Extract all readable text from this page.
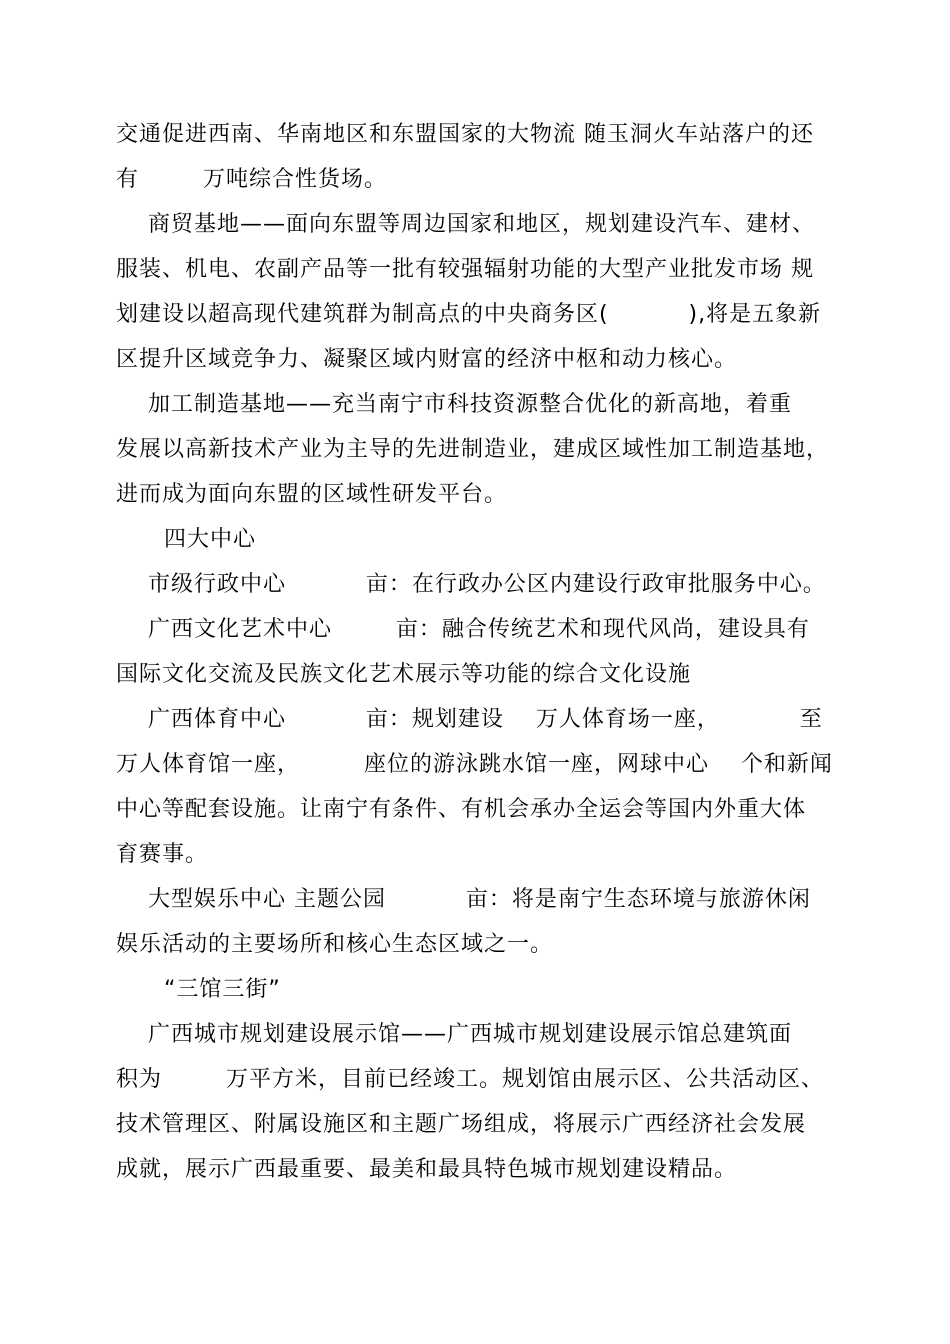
交通促进西南、华南地区和东盟国家的大物流 随玉洞火车站落户的还
有        万吨综合性货场。
商贸基地——面向东盟等周边国家和地区，规划建设汽车、建材、
服装、机电、农副产品等一批有较强辐射功能的大型产业批发市场 规
划建设以超高现代建筑群为制高点的中央商务区(          ),将是五象新
区提升区域竞争力、凝聚区域内财富的经济中枢和动力核心。
加工制造基地——充当南宁市科技资源整合优化的新高地，着重
发展以高新技术产业为主导的先进制造业，建成区域性加工制造基地，
进而成为面向东盟的区域性研发平台。
四大中心
市级行政中心          亩：在行政办公区内建设行政审批服务中心。
广西文化艺术中心        亩：融合传统艺术和现代风尚，建设具有
国际文化交流及民族文化艺术展示等功能的综合文化设施
广西体育中心          亩：规划建设    万人体育场一座，          至
万人体育馆一座，        座位的游泳跳水馆一座，网球中心    个和新闻
中心等配套设施。让南宁有条件、有机会承办全运会等国内外重大体
育赛事。
大型娱乐中心 主题公园          亩：将是南宁生态环境与旅游休闲
娱乐活动的主要场所和核心生态区域之一。
“三馆三街”
广西城市规划建设展示馆——广西城市规划建设展示馆总建筑面
积为        万平方米，目前已经竣工。规划馆由展示区、公共活动区、
技术管理区、附属设施区和主题广场组成，将展示广西经济社会发展
成就，展示广西最重要、最美和最具特色城市规划建设精品。
